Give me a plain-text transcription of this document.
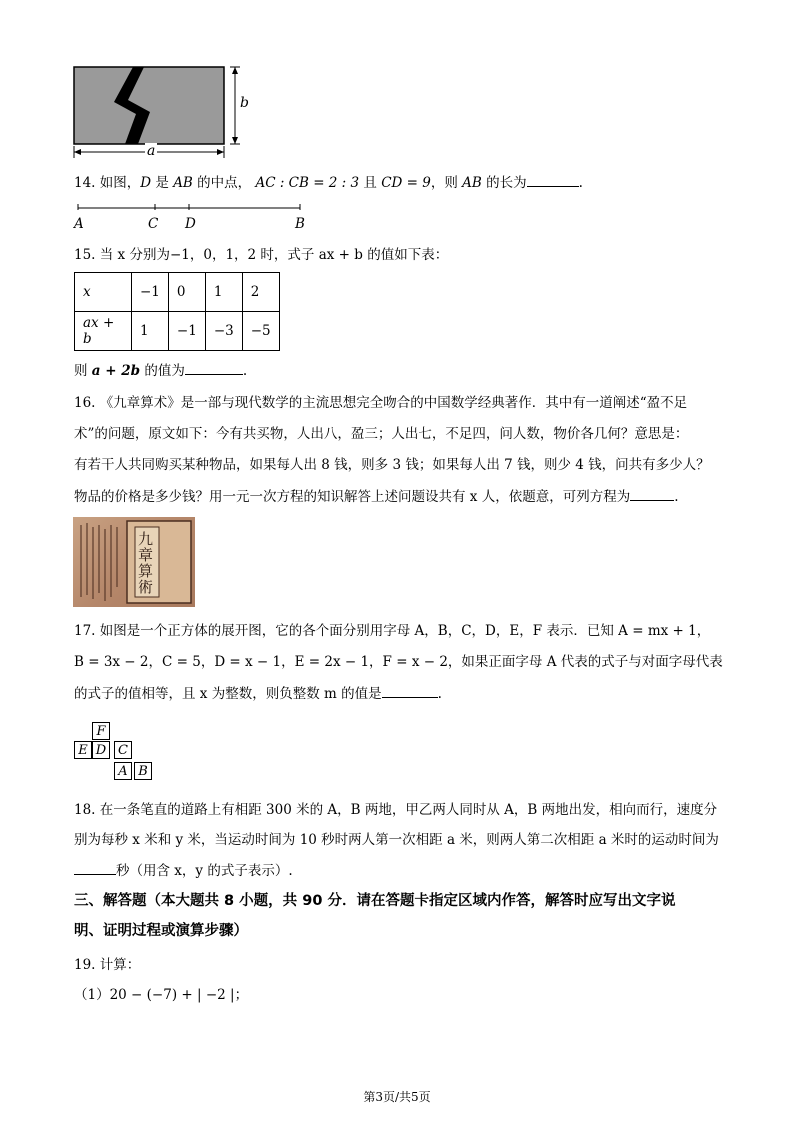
b
a
14. 如图，D 是 AB 的中点， AC : CB = 2 : 3 且 CD = 9，则 AB 的长为	.
A	C D	B
15. 当 x 分别为−1，0，1，2 时，式子 ax + b 的值如下表：
x	−1	0	1	2
ax + b	1	−1	−3	−5
则 a + 2b 的值为	.
16. 《九章算术》是一部与现代数学的主流思想完全吻合的中国数学经典著作．其中有一道阐述“盈不足
术”的问题，原文如下：今有共买物，人出八，盈三；人出七，不足四，问人数，物价各几何？意思是：
有若干人共同购买某种物品，如果每人出 8 钱，则多 3 钱；如果每人出 7 钱，则少 4 钱，问共有多少人？
物品的价格是多少钱？用一元一次方程的知识解答上述问题设共有 x 人，依题意，可列方程为	.
九章算術
17. 如图是一个正方体的展开图，它的各个面分别用字母 A，B，C，D，E，F 表示．已知 A = mx + 1，
B = 3x − 2，C = 5，D = x − 1，E = 2x − 1，F = x − 2，如果正面字母 A 代表的式子与对面字母代表
的式子的值相等，且 x 为整数，则负整数 m 的值是	.
F
E D C
A B
18. 在一条笔直的道路上有相距 300 米的 A，B 两地，甲乙两人同时从 A，B 两地出发，相向而行，速度分
别为每秒 x 米和 y 米，当运动时间为 10 秒时两人第一次相距 a 米，则两人第二次相距 a 米时的运动时间为
秒（用含 x，y 的式子表示）.
三、解答题（本大题共 8 小题，共 90 分．请在答题卡指定区域内作答，解答时应写出文字说
明、证明过程或演算步骤）
19. 计算：
（1）20 − (−7) + | −2 |；
第3页/共5页
